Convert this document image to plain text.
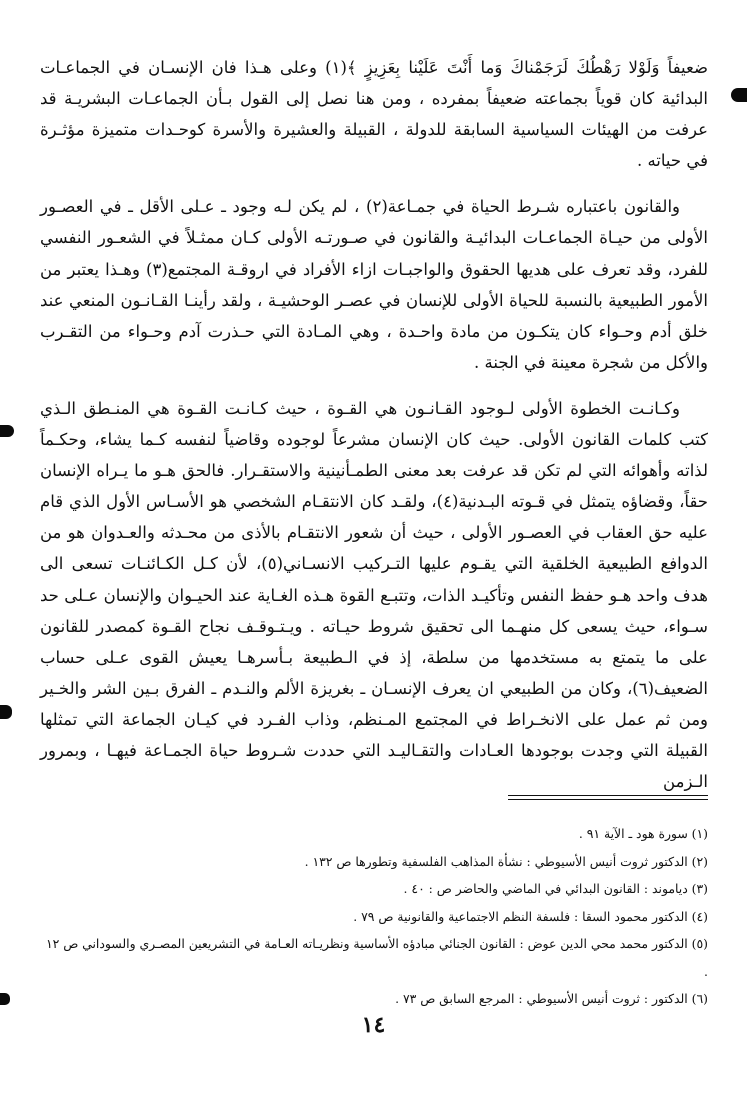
ضعيفاً وَلَوْلا رَهْطُكَ لَرَجَمْناكَ وَما أَنْتَ عَلَيْنا بِعَزِيزٍ ﴾(١) وعلى هـذا فان الإنسـان في الجماعـات البدائية كان قوياً بجماعته ضعيفاً بمفرده ، ومن هنا نصل إلى القول بـأن الجماعـات البشريـة قد عرفت من الهيئات السياسية السابقة للدولة ، القبيلة والعشيرة والأسرة كوحـدات متميزة مؤثـرة في حياته .

والقانون باعتباره شـرط الحياة في جمـاعة(٢) ، لم يكن لـه وجود ـ عـلى الأقل ـ في العصـور الأولى من حيـاة الجماعـات البدائيـة والقانون في صـورتـه الأولى كـان ممثـلاً في الشعـور النفسي للفرد، وقد تعرف على هديها الحقوق والواجبـات ازاء الأفراد في اروقـة المجتمع(٣) وهـذا يعتبر من الأمور الطبيعية بالنسبة للحياة الأولى للإنسان في عصـر الوحشيـة ، ولقد رأينـا القـانـون المنعي عند خلق أدم وحـواء كان يتكـون من مادة واحـدة ، وهي المـادة التي حـذرت آدم وحـواء من التقـرب والأكل من شجرة معينة في الجنة .

وكـانـت الخطوة الأولى لـوجود القـانـون هي القـوة ، حيث كـانـت القـوة هي المنـطق الـذي كتب كلمات القانون الأولى. حيث كان الإنسان مشرعاً لوجوده وقاضياً لنفسه كـما يشاء، وحكـماً لذاته وأهوائه التي لم تكن قد عرفت بعد معنى الطمـأنينية والاستقـرار. فالحق هـو ما يـراه الإنسان حقاً، وقضاؤه يتمثل في قـوته البـدنية(٤)، ولقـد كان الانتقـام الشخصي هو الأسـاس الأول الذي قام عليه حق العقاب في العصـور الأولى ، حيث أن شعور الانتقـام بالأذى من محـدثه والعـدوان هو من الدوافع الطبيعية الخلقية التي يقـوم عليها التـركيب الانسـاني(٥)، لأن كـل الكـائنـات تسعى الى هدف واحد هـو حفظ النفس وتأكيـد الذات، وتتبـع القوة هـذه الغـاية عند الحيـوان والإنسان عـلى حد سـواء، حيث يسعى كل منهـما الى تحقيق شروط حيـاته . ويـتـوقـف نجاح القـوة كمصدر للقانون على ما يتمتع به مستخدمها من سلطة، إذ في الـطبيعة بـأسرهـا يعيش القوى عـلى حساب الضعيف(٦)، وكان من الطبيعي ان يعرف الإنسـان ـ بغريزة الألم والنـدم ـ الفرق بـين الشر والخـير ومن ثم عمل على الانخـراط في المجتمع المـنظم، وذاب الفـرد في كيـان الجماعة التي تمثلها القبيلة التي وجدت بوجودها العـادات والتقـاليـد التي حددت شـروط حياة الجمـاعة فيهـا ، وبمرور الـزمن

(١) سورة هود ـ الآية ٩١ .

(٢) الدكتور ثروت أنيس الأسيوطي : نشأة المذاهب الفلسفية وتطورها ص ١٣٢ .

(٣) دياموند : القانون البدائي في الماضي والحاضر ص : ٤٠ .

(٤) الدكتور محمود السقا : فلسفة النظم الاجتماعية والقانونية ص ٧٩ .

(٥) الدكتور محمد محي الدين عوض : القانون الجنائي مبادؤه الأساسية ونظريـاته العـامة في التشريعين المصـري والسوداني ص ١٢ .

(٦) الدكتور : ثروت أنيس الأسيوطي : المرجع السابق ص ٧٣ .

١٤
